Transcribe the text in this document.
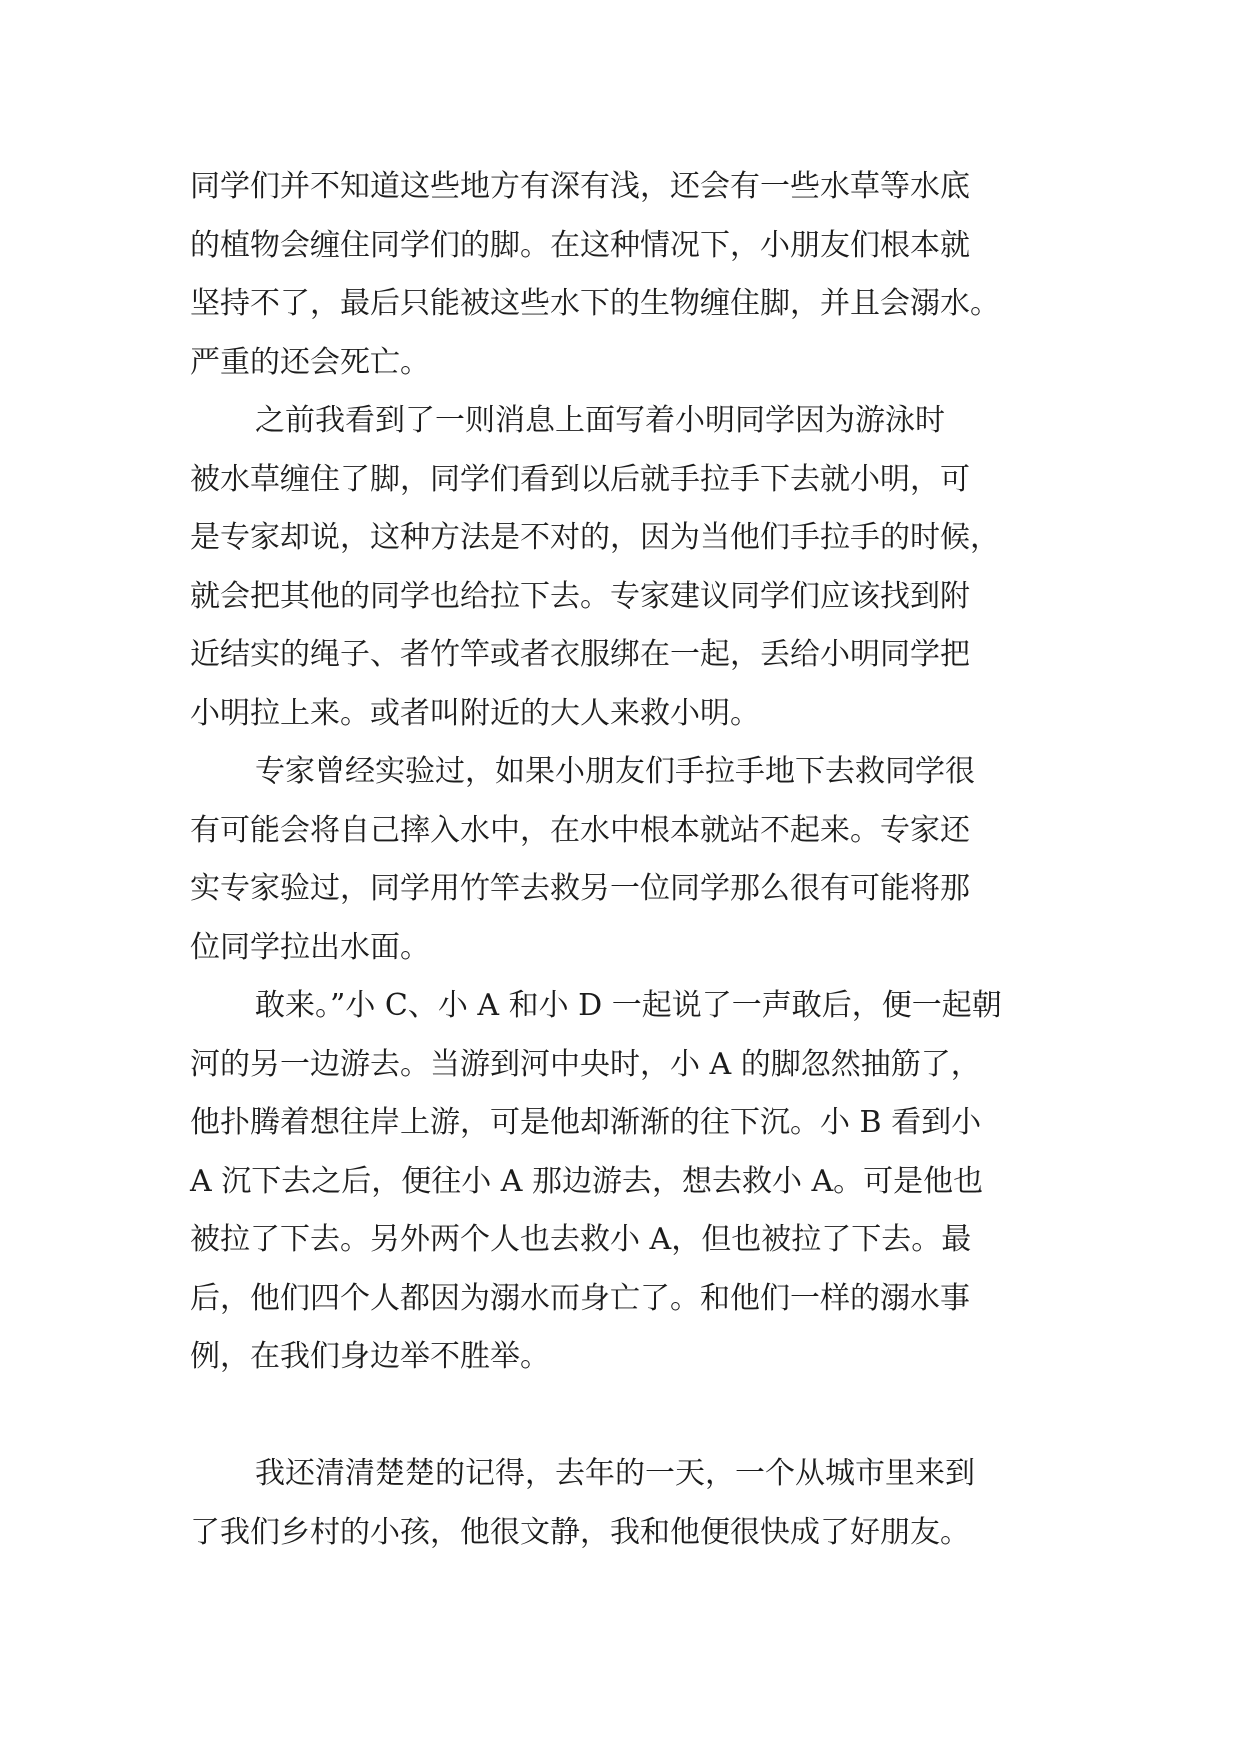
同学们并不知道这些地方有深有浅，还会有一些水草等水底
的植物会缠住同学们的脚。在这种情况下，小朋友们根本就
坚持不了，最后只能被这些水下的生物缠住脚，并且会溺水。
严重的还会死亡。
之前我看到了一则消息上面写着小明同学因为游泳时
被水草缠住了脚，同学们看到以后就手拉手下去就小明，可
是专家却说，这种方法是不对的，因为当他们手拉手的时候，
就会把其他的同学也给拉下去。专家建议同学们应该找到附
近结实的绳子、者竹竿或者衣服绑在一起，丢给小明同学把
小明拉上来。或者叫附近的大人来救小明。
专家曾经实验过，如果小朋友们手拉手地下去救同学很
有可能会将自己摔入水中，在水中根本就站不起来。专家还
实专家验过，同学用竹竿去救另一位同学那么很有可能将那
位同学拉出水面。
敢来。”小 C、小 A 和小 D 一起说了一声敢后，便一起朝
河的另一边游去。当游到河中央时，小 A 的脚忽然抽筋了，
他扑腾着想往岸上游，可是他却渐渐的往下沉。小 B 看到小
A 沉下去之后，便往小 A 那边游去，想去救小 A。可是他也
被拉了下去。另外两个人也去救小 A，但也被拉了下去。最
后，他们四个人都因为溺水而身亡了。和他们一样的溺水事
例，在我们身边举不胜举。
我还清清楚楚的记得，去年的一天，一个从城市里来到
了我们乡村的小孩，他很文静，我和他便很快成了好朋友。
